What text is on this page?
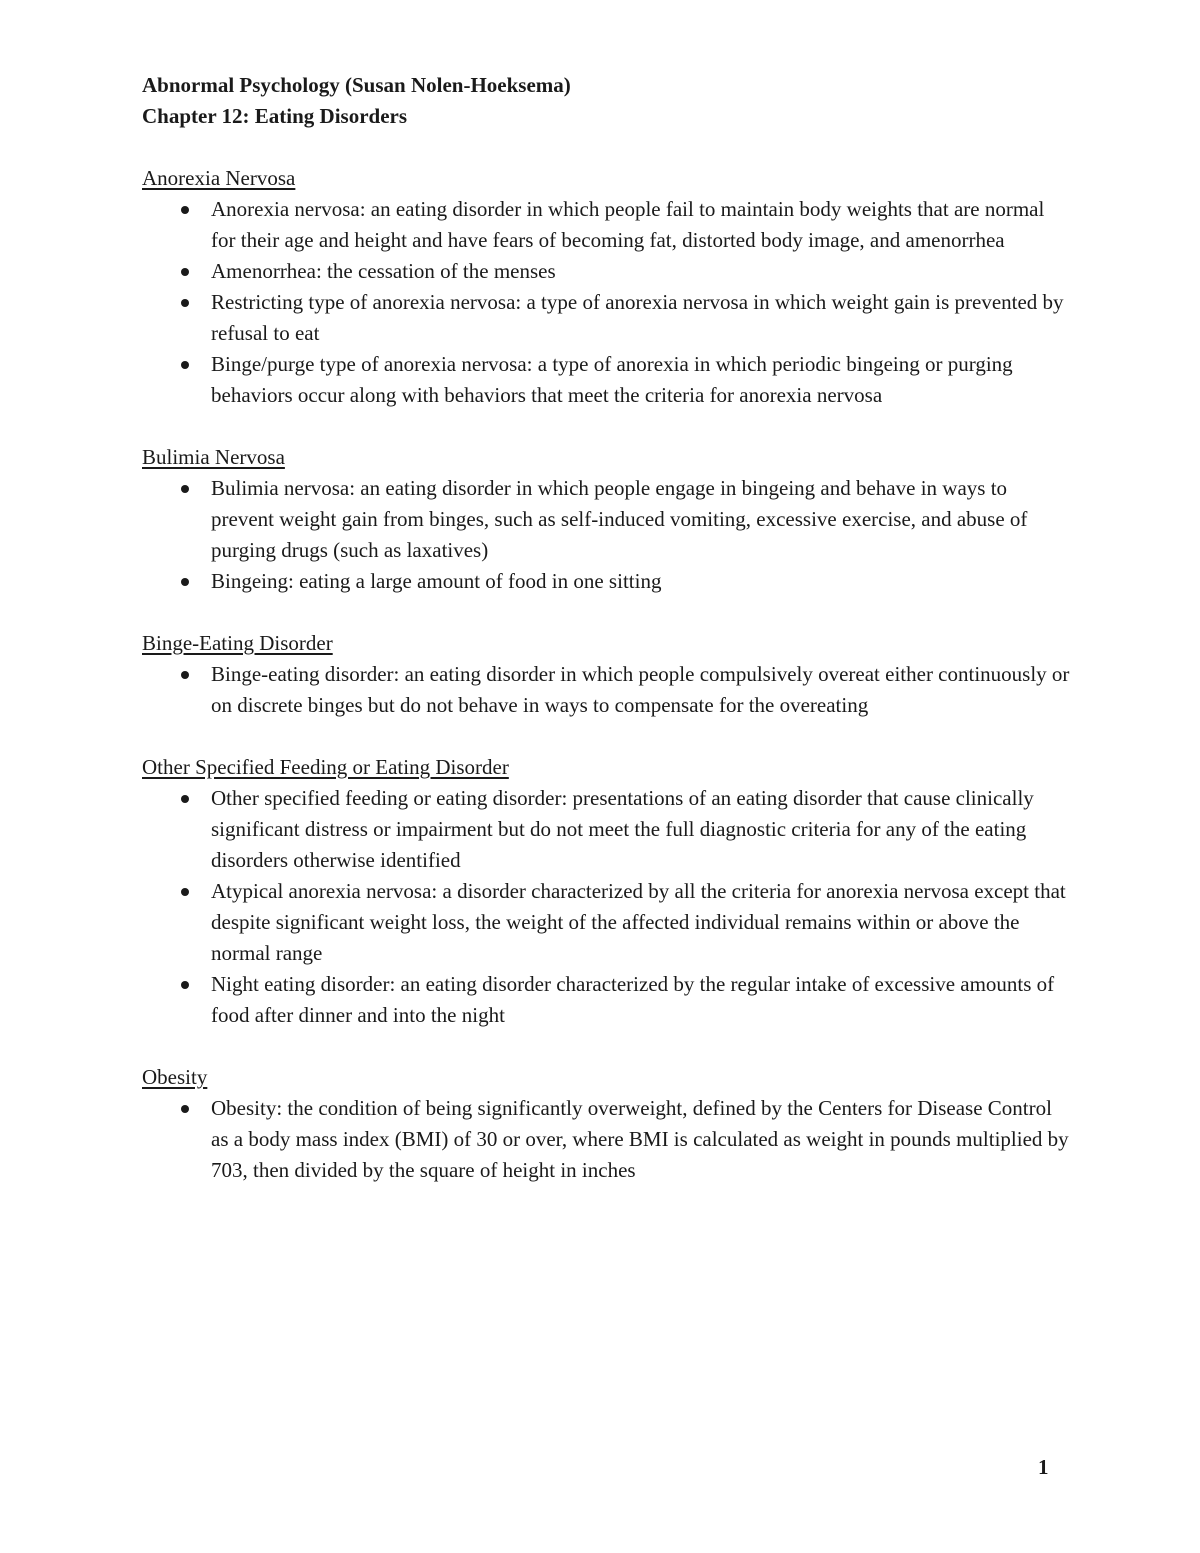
Abnormal Psychology (Susan Nolen-Hoeksema)

Chapter 12: Eating Disorders

Anorexia Nervosa

Anorexia nervosa: an eating disorder in which people fail to maintain body weights that are normal for their age and height and have fears of becoming fat, distorted body image, and amenorrhea
Amenorrhea: the cessation of the menses
Restricting type of anorexia nervosa: a type of anorexia nervosa in which weight gain is prevented by refusal to eat
Binge/purge type of anorexia nervosa: a type of anorexia in which periodic bingeing or purging behaviors occur along with behaviors that meet the criteria for anorexia nervosa

Bulimia Nervosa

Bulimia nervosa: an eating disorder in which people engage in bingeing and behave in ways to prevent weight gain from binges, such as self-induced vomiting, excessive exercise, and abuse of purging drugs (such as laxatives)
Bingeing: eating a large amount of food in one sitting

Binge-Eating Disorder

Binge-eating disorder: an eating disorder in which people compulsively overeat either continuously or on discrete binges but do not behave in ways to compensate for the overeating

Other Specified Feeding or Eating Disorder

Other specified feeding or eating disorder: presentations of an eating disorder that cause clinically significant distress or impairment but do not meet the full diagnostic criteria for any of the eating disorders otherwise identified
Atypical anorexia nervosa: a disorder characterized by all the criteria for anorexia nervosa except that despite significant weight loss, the weight of the affected individual remains within or above the normal range
Night eating disorder: an eating disorder characterized by the regular intake of excessive amounts of food after dinner and into the night

Obesity

Obesity: the condition of being significantly overweight, defined by the Centers for Disease Control as a body mass index (BMI) of 30 or over, where BMI is calculated as weight in pounds multiplied by 703, then divided by the square of height in inches
1
